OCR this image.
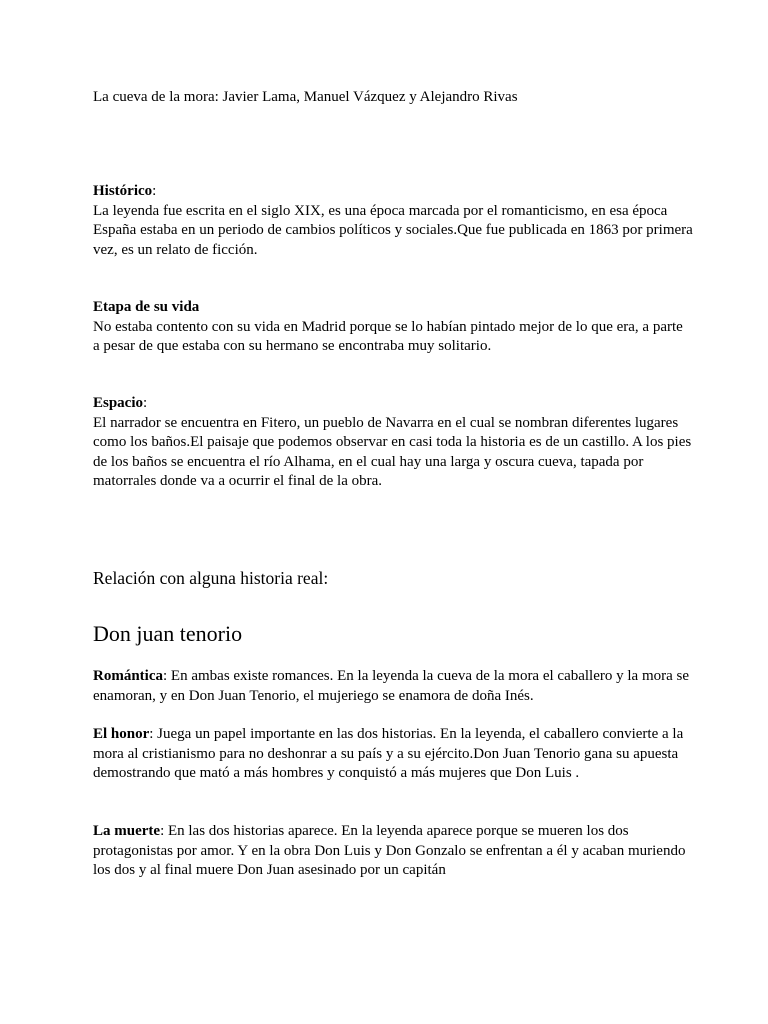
La cueva de la mora: Javier Lama, Manuel Vázquez y Alejandro Rivas

Histórico:

La leyenda fue escrita en el siglo XIX, es una época marcada por el romanticismo, en esa época España estaba en un periodo de cambios políticos y sociales.Que fue publicada en 1863 por primera vez, es un relato de ficción.

Etapa de su vida

No estaba contento con su vida en Madrid porque se lo habían pintado mejor de lo que era, a parte a pesar de que estaba con su hermano se encontraba muy solitario.

Espacio:

El narrador se encuentra en Fitero, un pueblo de Navarra en el cual se nombran diferentes lugares como los baños.El paisaje que podemos observar en casi toda la historia es de un castillo. A los pies de los baños se encuentra el río Alhama, en el cual hay una larga y oscura cueva, tapada por matorrales donde va a ocurrir el final de la obra.

Relación con alguna historia real:

Don juan tenorio

Romántica: En ambas existe romances. En la leyenda la cueva de la mora el caballero y la mora se enamoran, y en Don Juan Tenorio, el mujeriego se enamora de doña Inés.

El honor: Juega un papel importante en las dos historias. En la leyenda, el caballero convierte a la mora al cristianismo para no deshonrar a su país y a su ejército.Don Juan Tenorio gana su apuesta demostrando que mató a más hombres y conquistó a más mujeres que Don Luis .

La muerte: En las dos historias aparece. En la leyenda aparece porque se mueren los dos protagonistas por amor. Y en la obra Don Luis y Don Gonzalo se enfrentan a él y acaban muriendo los dos y al final muere Don Juan asesinado por un capitán
